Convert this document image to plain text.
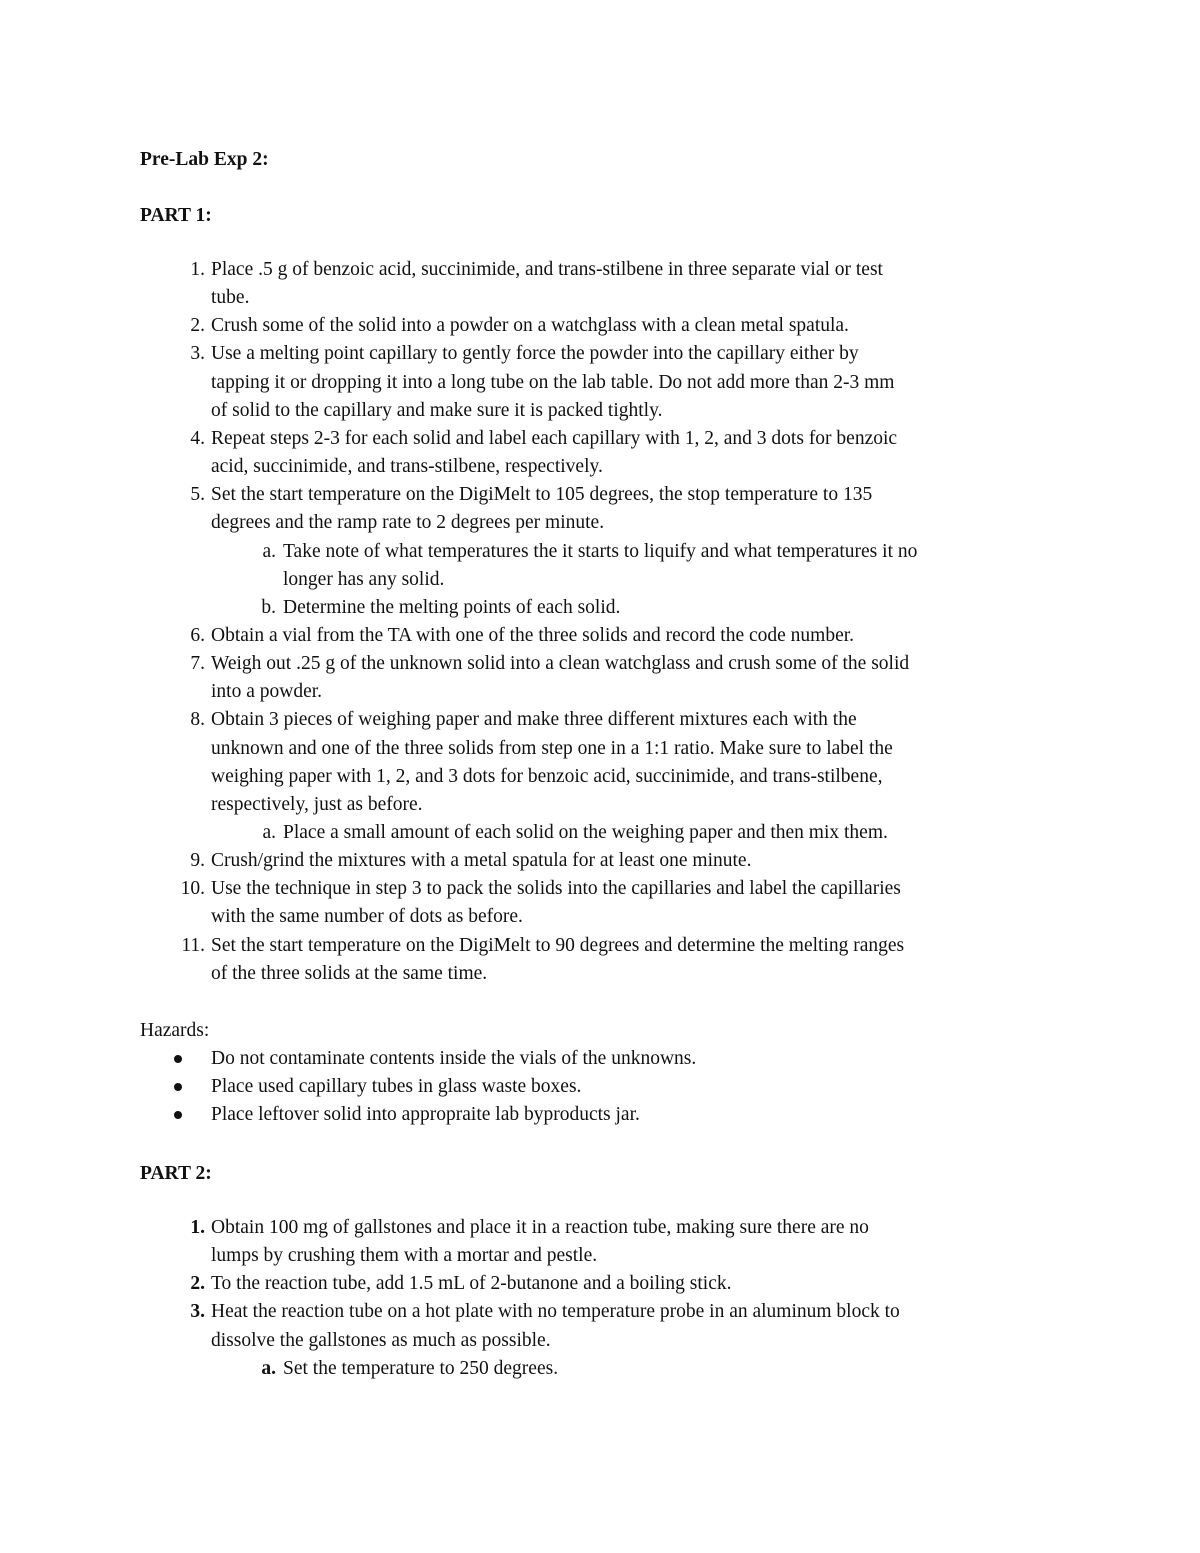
Pre-Lab Exp 2:
PART 1:
1. Place .5 g of benzoic acid, succinimide, and trans-stilbene in three separate vial or test
tube.
2. Crush some of the solid into a powder on a watchglass with a clean metal spatula.
3. Use a melting point capillary to gently force the powder into the capillary either by
tapping it or dropping it into a long tube on the lab table. Do not add more than 2-3 mm
of solid to the capillary and make sure it is packed tightly.
4. Repeat steps 2-3 for each solid and label each capillary with 1, 2, and 3 dots for benzoic
acid, succinimide, and trans-stilbene, respectively.
5. Set the start temperature on the DigiMelt to 105 degrees, the stop temperature to 135
degrees and the ramp rate to 2 degrees per minute.
a. Take note of what temperatures the it starts to liquify and what temperatures it no
longer has any solid.
b. Determine the melting points of each solid.
6. Obtain a vial from the TA with one of the three solids and record the code number.
7. Weigh out .25 g of the unknown solid into a clean watchglass and crush some of the solid
into a powder.
8. Obtain 3 pieces of weighing paper and make three different mixtures each with the
unknown and one of the three solids from step one in a 1:1 ratio. Make sure to label the
weighing paper with 1, 2, and 3 dots for benzoic acid, succinimide, and trans-stilbene,
respectively, just as before.
a. Place a small amount of each solid on the weighing paper and then mix them.
9. Crush/grind the mixtures with a metal spatula for at least one minute.
10. Use the technique in step 3 to pack the solids into the capillaries and label the capillaries
with the same number of dots as before.
11. Set the start temperature on the DigiMelt to 90 degrees and determine the melting ranges
of the three solids at the same time.
Hazards:
Do not contaminate contents inside the vials of the unknowns.
Place used capillary tubes in glass waste boxes.
Place leftover solid into appropraite lab byproducts jar.
PART 2:
1. Obtain 100 mg of gallstones and place it in a reaction tube, making sure there are no
lumps by crushing them with a mortar and pestle.
2. To the reaction tube, add 1.5 mL of 2-butanone and a boiling stick.
3. Heat the reaction tube on a hot plate with no temperature probe in an aluminum block to
dissolve the gallstones as much as possible.
a. Set the temperature to 250 degrees.
